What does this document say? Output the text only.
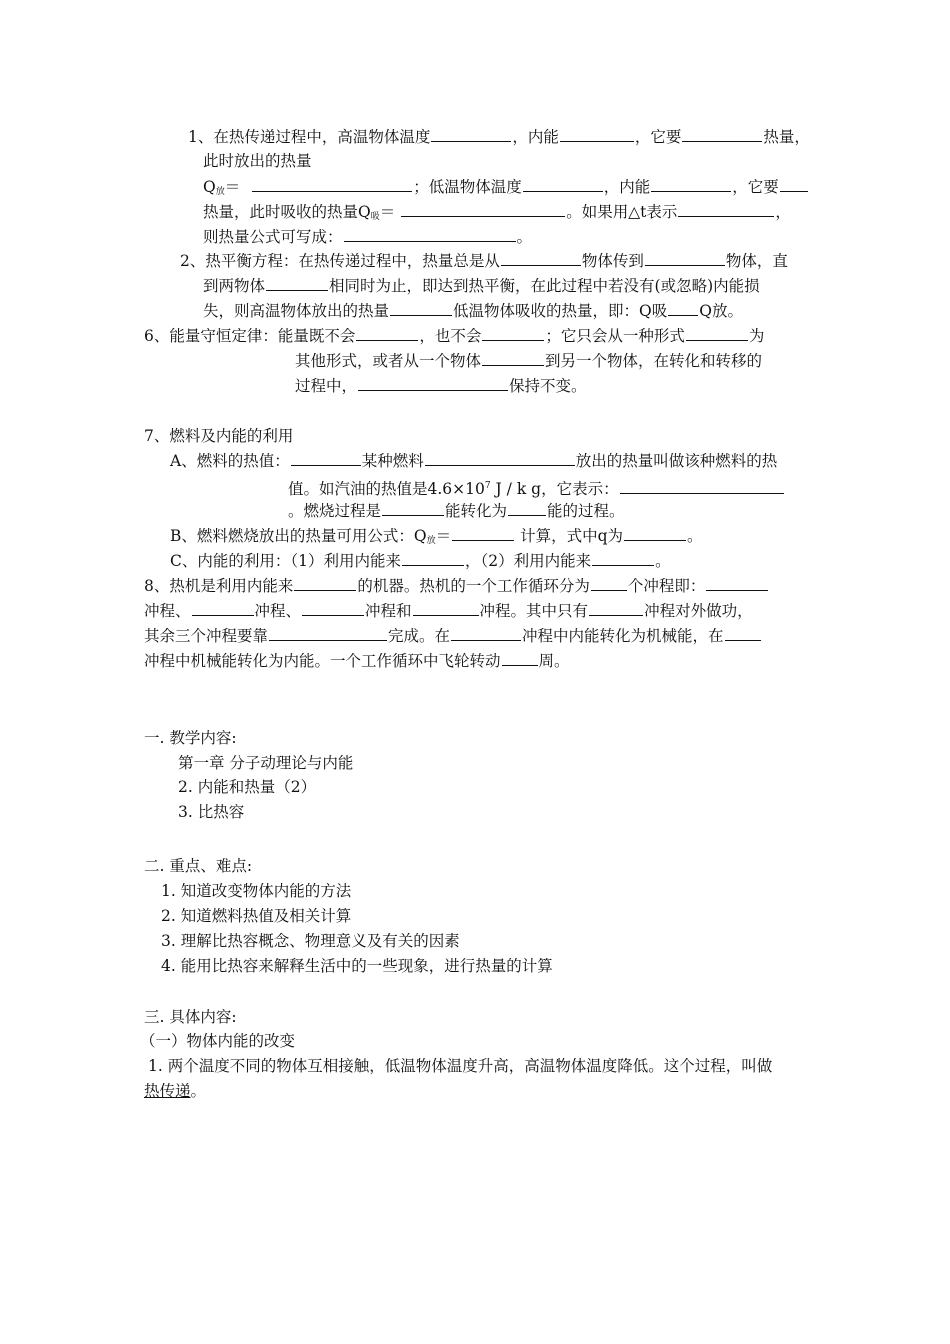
1、在热传递过程中，高温物体温度	，内能	，它要	热量，
此时放出的热量
$Q_放=$	；低温物体温度	，内能	，它要
热量，此时吸收的热量$Q_吸=$	。如果用△t表示	，
则热量公式可写成：	。
2、热平衡方程：在热传递过程中，热量总是从	物体传到	物体，直
到两物体	相同时为止，即达到热平衡，在此过程中若没有(或忽略)内能损
失，则高温物体放出的热量	低温物体吸收的热量，即：Q吸 Q放。
6、能量守恒定律：能量既不会	，也不会	；它只会从一种形式	为
其他形式，或者从一个物体	到另一个物体，在转化和转移的
过程中，	保持不变。
7、燃料及内能的利用
A、燃料的热值：	某种燃料	放出的热量叫做该种燃料的热
值。如汽油的热值是$4.6\times 10^7$ J / k g，它表示：
。燃烧过程是	能转化为	能的过程。
B、燃料燃烧放出的热量可用公式：$Q_放=$	计算，式中q为	。
C、内能的利用：（1）利用内能来	，（2）利用内能来	。
8、热机是利用内能来	的机器。热机的一个工作循环分为 个冲程即：
冲程、	冲程、	冲程和	冲程。其中只有	冲程对外做功，
其余三个冲程要靠	完成。在	冲程中内能转化为机械能，在
冲程中机械能转化为内能。一个工作循环中飞轮转动 周。
一. 教学内容:
第一章 分子动理论与内能
2. 内能和热量（2）
3. 比热容
二. 重点、难点:
1. 知道改变物体内能的方法
2. 知道燃料热值及相关计算
3. 理解比热容概念、物理意义及有关的因素
4. 能用比热容来解释生活中的一些现象，进行热量的计算
三. 具体内容:
（一）物体内能的改变
1. 两个温度不同的物体互相接触，低温物体温度升高，高温物体温度降低。这个过程，叫做
热传递。
